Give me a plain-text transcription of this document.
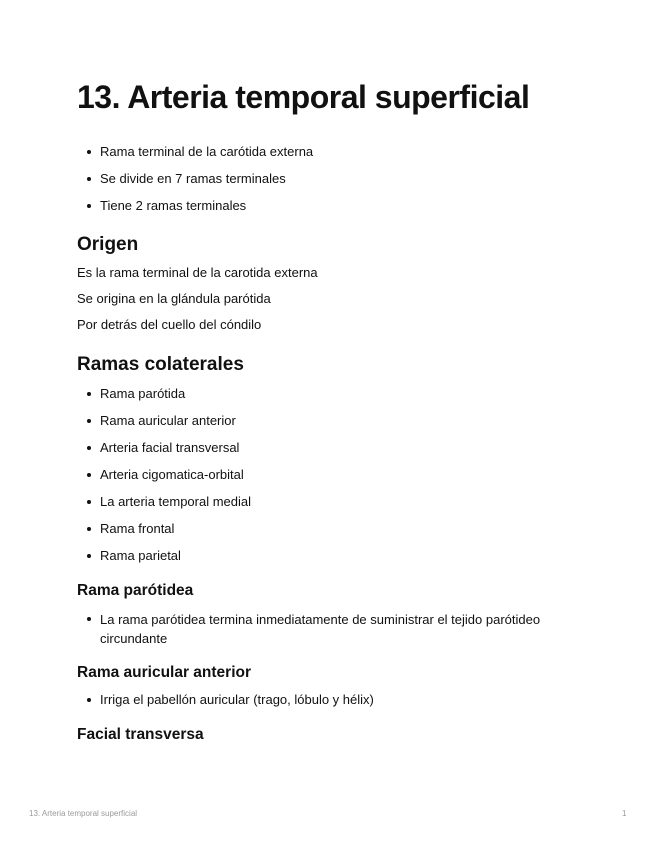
13. Arteria temporal superficial
Rama terminal de la carótida externa
Se divide en 7 ramas terminales
Tiene 2 ramas terminales
Origen

Es la rama terminal de la carotida externa

Se origina en la glándula parótida

Por detrás del cuello del cóndilo

Ramas colaterales
Rama parótida
Rama auricular anterior
Arteria facial transversal
Arteria cigomatica-orbital
La arteria temporal medial
Rama frontal
Rama parietal
Rama parótidea
La rama parótidea termina inmediatamente de suministrar el tejido parótideo circundante
Rama auricular anterior
Irriga el pabellón auricular (trago, lóbulo y hélix)
Facial transversa
13. Arteria temporal superficial	1
